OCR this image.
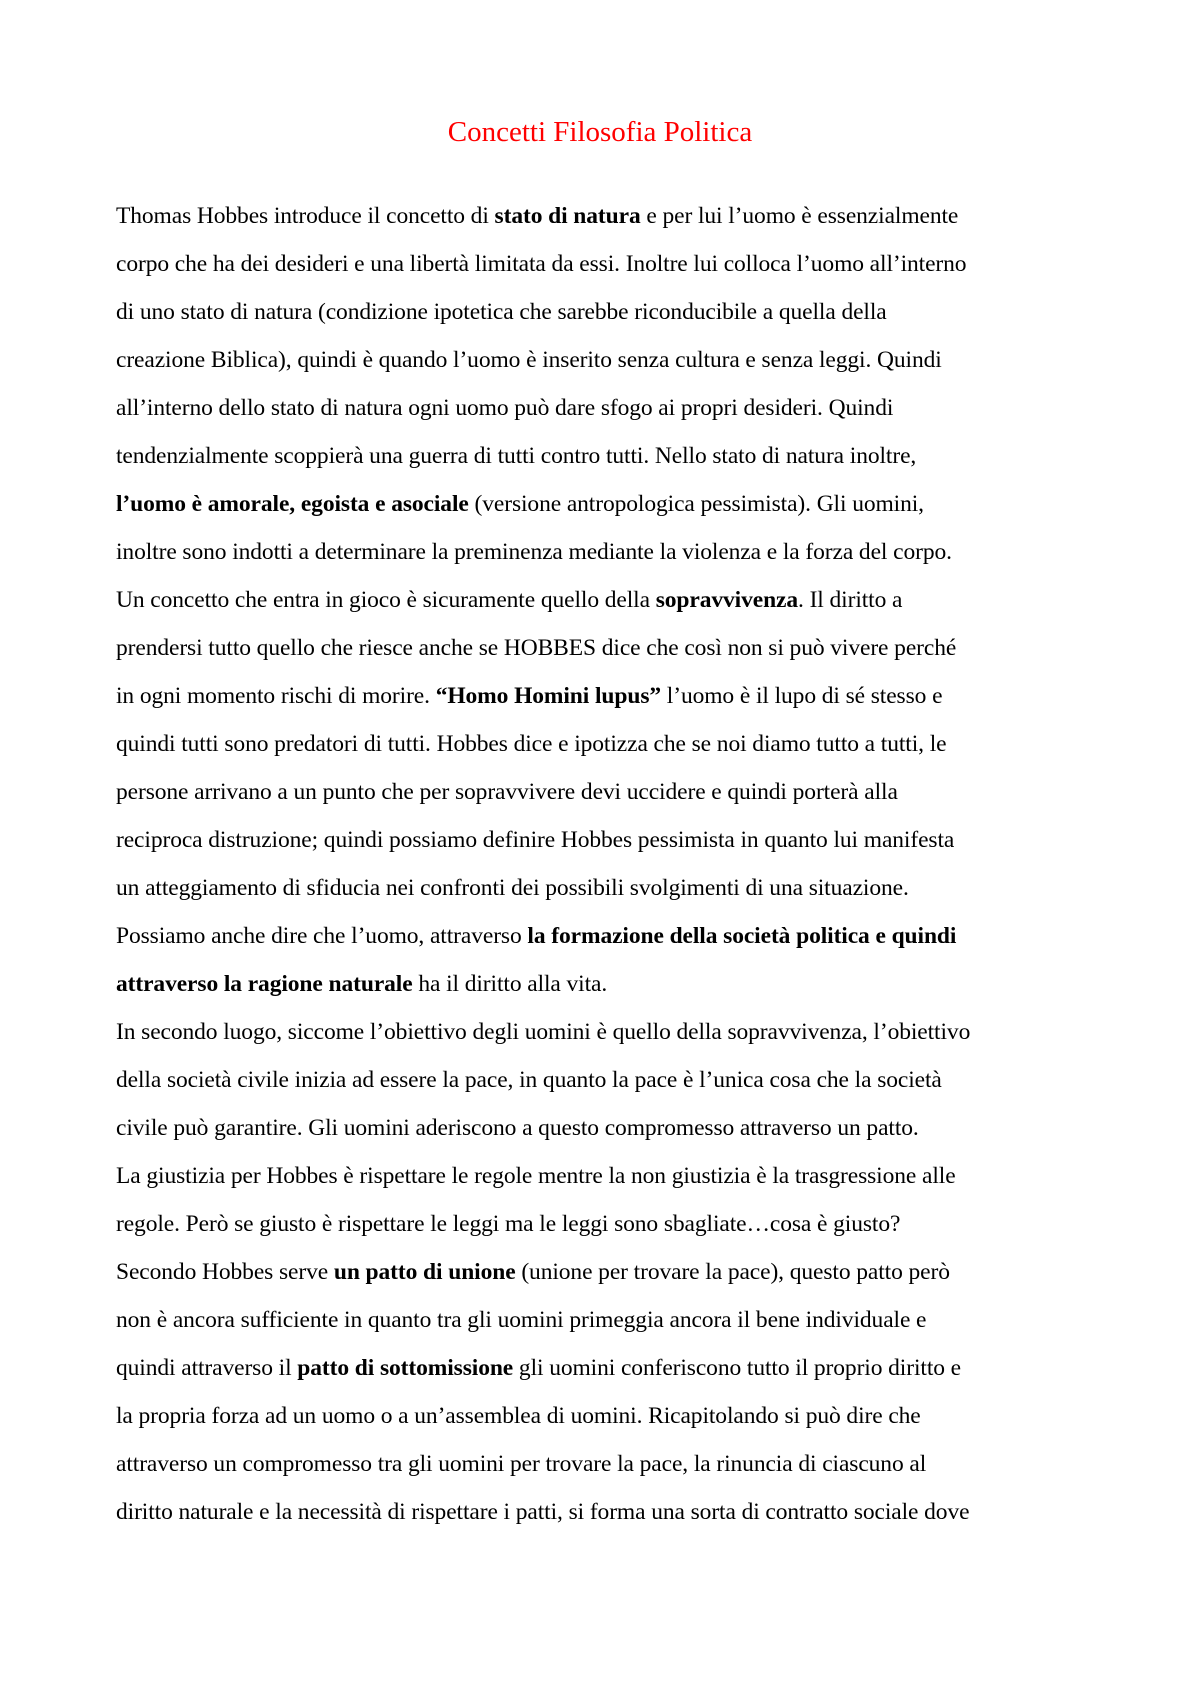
Concetti Filosofia Politica
Thomas Hobbes introduce il concetto di stato di natura e per lui l’uomo è essenzialmente
corpo che ha dei desideri e una libertà limitata da essi. Inoltre lui colloca l’uomo all’interno
di uno stato di natura (condizione ipotetica che sarebbe riconducibile a quella della
creazione Biblica), quindi è quando l’uomo è inserito senza cultura e senza leggi. Quindi
all’interno dello stato di natura ogni uomo può dare sfogo ai propri desideri. Quindi
tendenzialmente scoppierà una guerra di tutti contro tutti. Nello stato di natura inoltre,
l’uomo è amorale, egoista e asociale (versione antropologica pessimista). Gli uomini,
inoltre sono indotti a determinare la preminenza mediante la violenza e la forza del corpo.
Un concetto che entra in gioco è sicuramente quello della sopravvivenza. Il diritto a
prendersi tutto quello che riesce anche se HOBBES dice che così non si può vivere perché
in ogni momento rischi di morire. “Homo Homini lupus” l’uomo è il lupo di sé stesso e
quindi tutti sono predatori di tutti. Hobbes dice e ipotizza che se noi diamo tutto a tutti, le
persone arrivano a un punto che per sopravvivere devi uccidere e quindi porterà alla
reciproca distruzione; quindi possiamo definire Hobbes pessimista in quanto lui manifesta
un atteggiamento di sfiducia nei confronti dei possibili svolgimenti di una situazione.
Possiamo anche dire che l’uomo, attraverso la formazione della società politica e quindi
attraverso la ragione naturale ha il diritto alla vita.
In secondo luogo, siccome l’obiettivo degli uomini è quello della sopravvivenza, l’obiettivo
della società civile inizia ad essere la pace, in quanto la pace è l’unica cosa che la società
civile può garantire. Gli uomini aderiscono a questo compromesso attraverso un patto.
La giustizia per Hobbes è rispettare le regole mentre la non giustizia è la trasgressione alle
regole. Però se giusto è rispettare le leggi ma le leggi sono sbagliate…cosa è giusto?
Secondo Hobbes serve un patto di unione (unione per trovare la pace), questo patto però
non è ancora sufficiente in quanto tra gli uomini primeggia ancora il bene individuale e
quindi attraverso il patto di sottomissione gli uomini conferiscono tutto il proprio diritto e
la propria forza ad un uomo o a un’assemblea di uomini. Ricapitolando si può dire che
attraverso un compromesso tra gli uomini per trovare la pace, la rinuncia di ciascuno al
diritto naturale e la necessità di rispettare i patti, si forma una sorta di contratto sociale dove
